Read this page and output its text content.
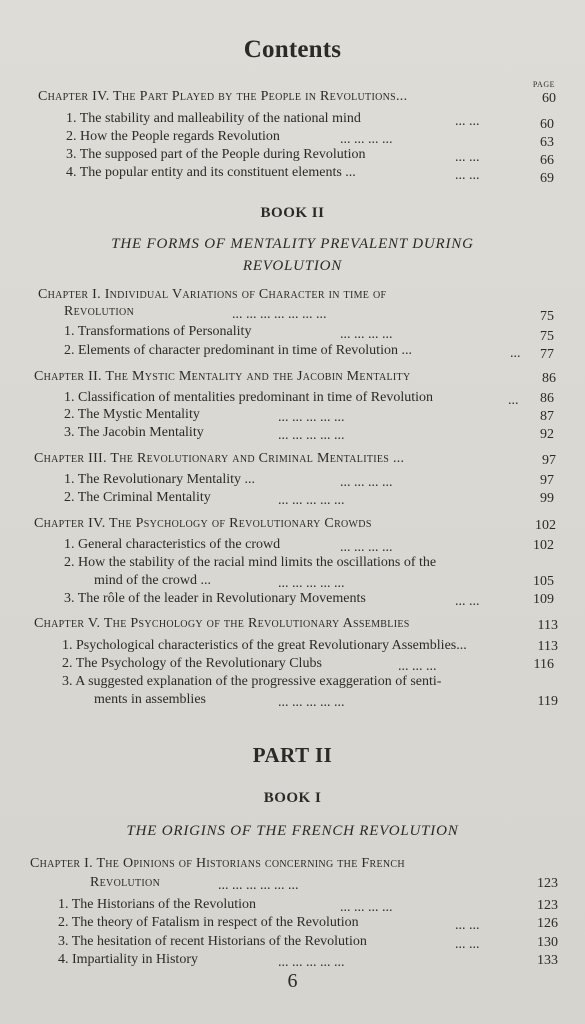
Contents
PAGE
Chapter IV. The Part Played by the People in Revolutions...	60
1. The stability and malleability of the national mind	... ...	60
2. How the People regards Revolution	... ... ... ...	63
3. The supposed part of the People during Revolution	... ...	66
4. The popular entity and its constituent elements ...	... ...	69
BOOK II
THE FORMS OF MENTALITY PREVALENT DURING
REVOLUTION
Chapter I. Individual Variations of Character in time of
Revolution	... ... ... ... ... ... ...	75
1. Transformations of Personality	... ... ... ...	75
2. Elements of character predominant in time of Revolution ...	...	77
Chapter II. The Mystic Mentality and the Jacobin Mentality	86
1. Classification of mentalities predominant in time of Revolution	...	86
2. The Mystic Mentality	... ... ... ... ...	87
3. The Jacobin Mentality	... ... ... ... ...	92
Chapter III. The Revolutionary and Criminal Mentalities ...	97
1. The Revolutionary Mentality ...	... ... ... ...	97
2. The Criminal Mentality	... ... ... ... ...	99
Chapter IV. The Psychology of Revolutionary Crowds	102
1. General characteristics of the crowd	... ... ... ...	102
2. How the stability of the racial mind limits the oscillations of the
mind of the crowd ...	... ... ... ... ...	105
3. The rôle of the leader in Revolutionary Movements	... ...	109
Chapter V. The Psychology of the Revolutionary Assemblies	113
1. Psychological characteristics of the great Revolutionary Assemblies...	113
2. The Psychology of the Revolutionary Clubs	... ... ...	116
3. A suggested explanation of the progressive exaggeration of senti-
ments in assemblies	... ... ... ... ...	119
PART II
BOOK I
THE ORIGINS OF THE FRENCH REVOLUTION
Chapter I. The Opinions of Historians concerning the French
Revolution	... ... ... ... ... ...	123
1. The Historians of the Revolution	... ... ... ...	123
2. The theory of Fatalism in respect of the Revolution	... ...	126
3. The hesitation of recent Historians of the Revolution	... ...	130
4. Impartiality in History	... ... ... ... ...	133
6
